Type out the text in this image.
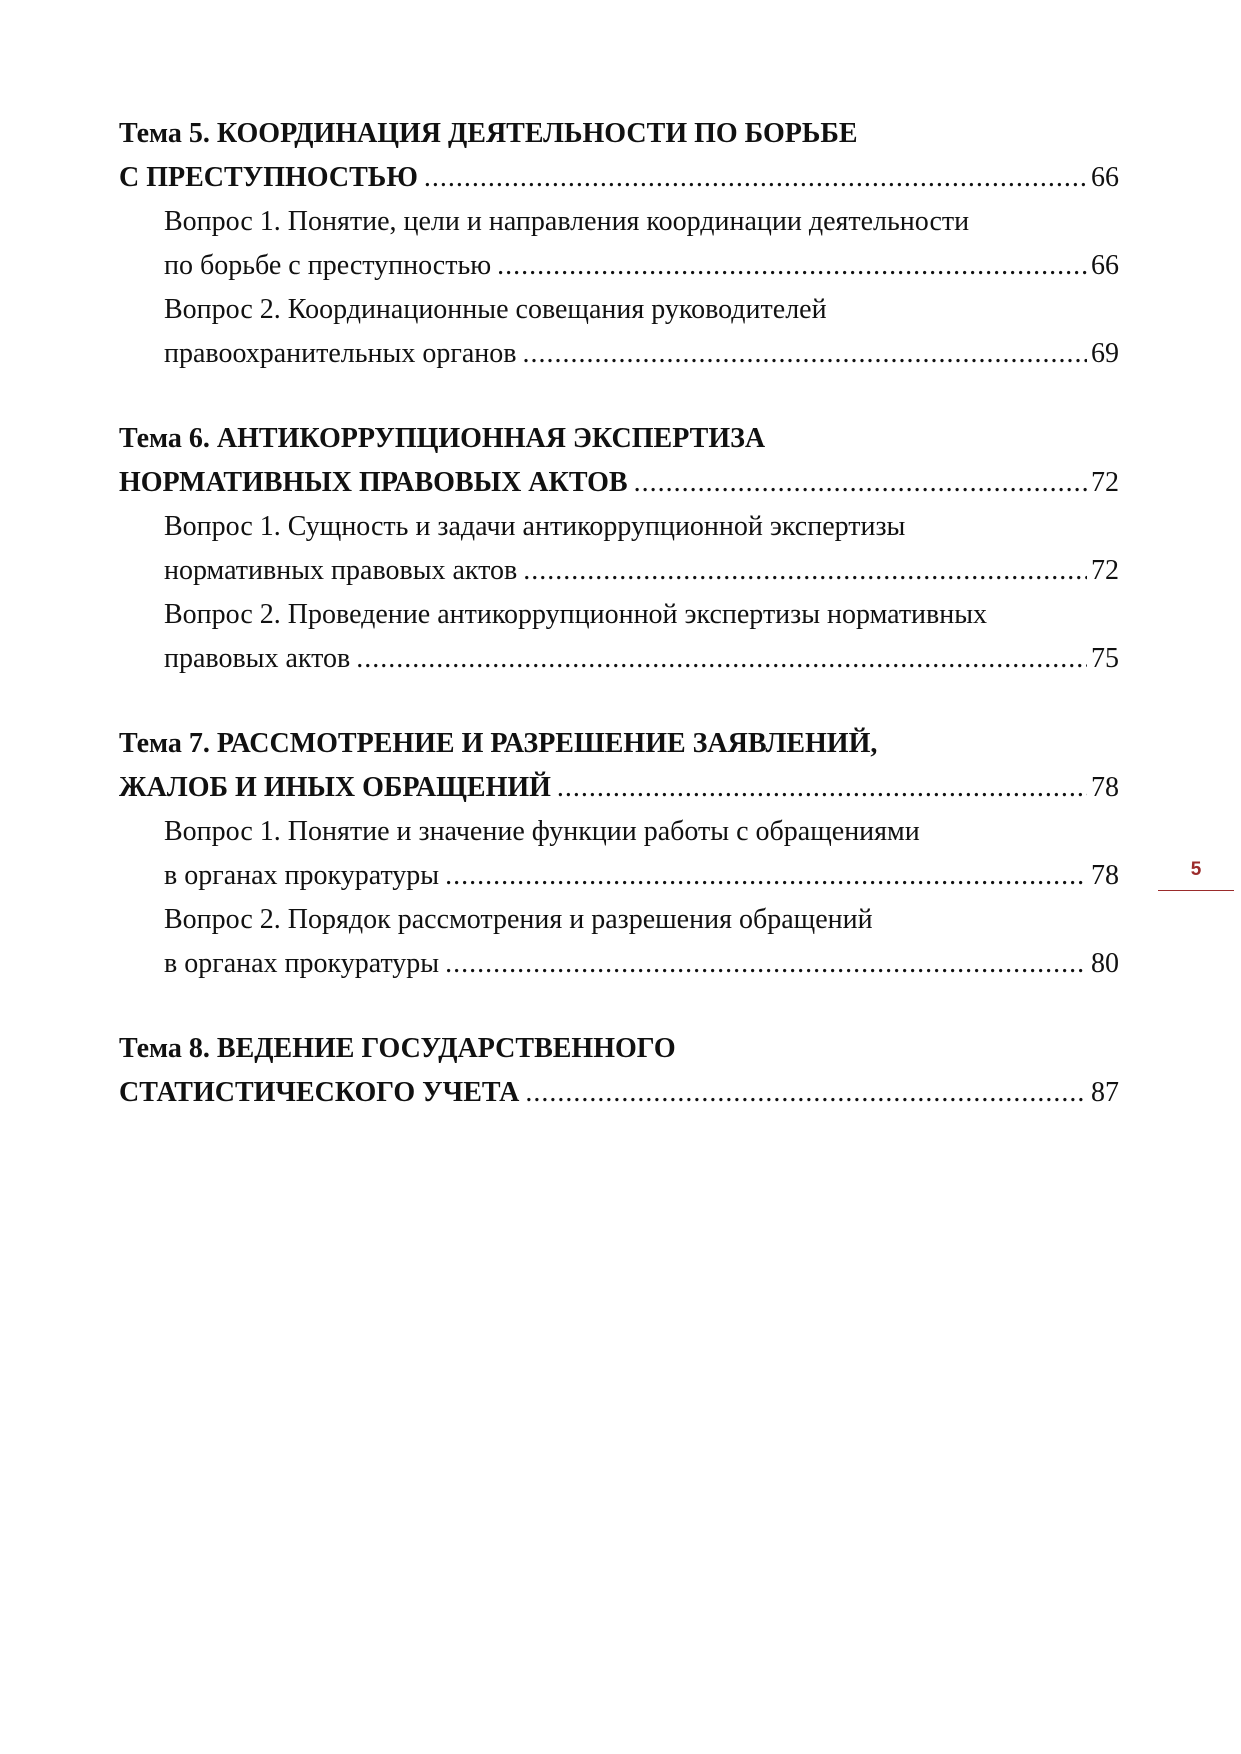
Тема 5. КООРДИНАЦИЯ ДЕЯТЕЛЬНОСТИ ПО БОРЬБЕ
С ПРЕСТУПНОСТЬЮ .....	66
Вопрос 1. Понятие, цели и направления координации деятельности
по борьбе с преступностью .....	66
Вопрос 2. Координационные совещания руководителей
правоохранительных органов .....	69
Тема 6. АНТИКОРРУПЦИОННАЯ ЭКСПЕРТИЗА
НОРМАТИВНЫХ ПРАВОВЫХ АКТОВ .....	72
Вопрос 1. Сущность и задачи антикоррупционной экспертизы
нормативных правовых актов .....	72
Вопрос 2. Проведение антикоррупционной экспертизы нормативных
правовых актов .....	75
Тема 7. РАССМОТРЕНИЕ И РАЗРЕШЕНИЕ ЗАЯВЛЕНИЙ,
ЖАЛОБ И ИНЫХ ОБРАЩЕНИЙ .....	78
Вопрос 1. Понятие и значение функции работы с обращениями
в органах прокуратуры .....	78
Вопрос 2. Порядок рассмотрения и разрешения обращений
в органах прокуратуры .....	80
Тема 8. ВЕДЕНИЕ ГОСУДАРСТВЕННОГО
СТАТИСТИЧЕСКОГО УЧЕТА .....	87
5
